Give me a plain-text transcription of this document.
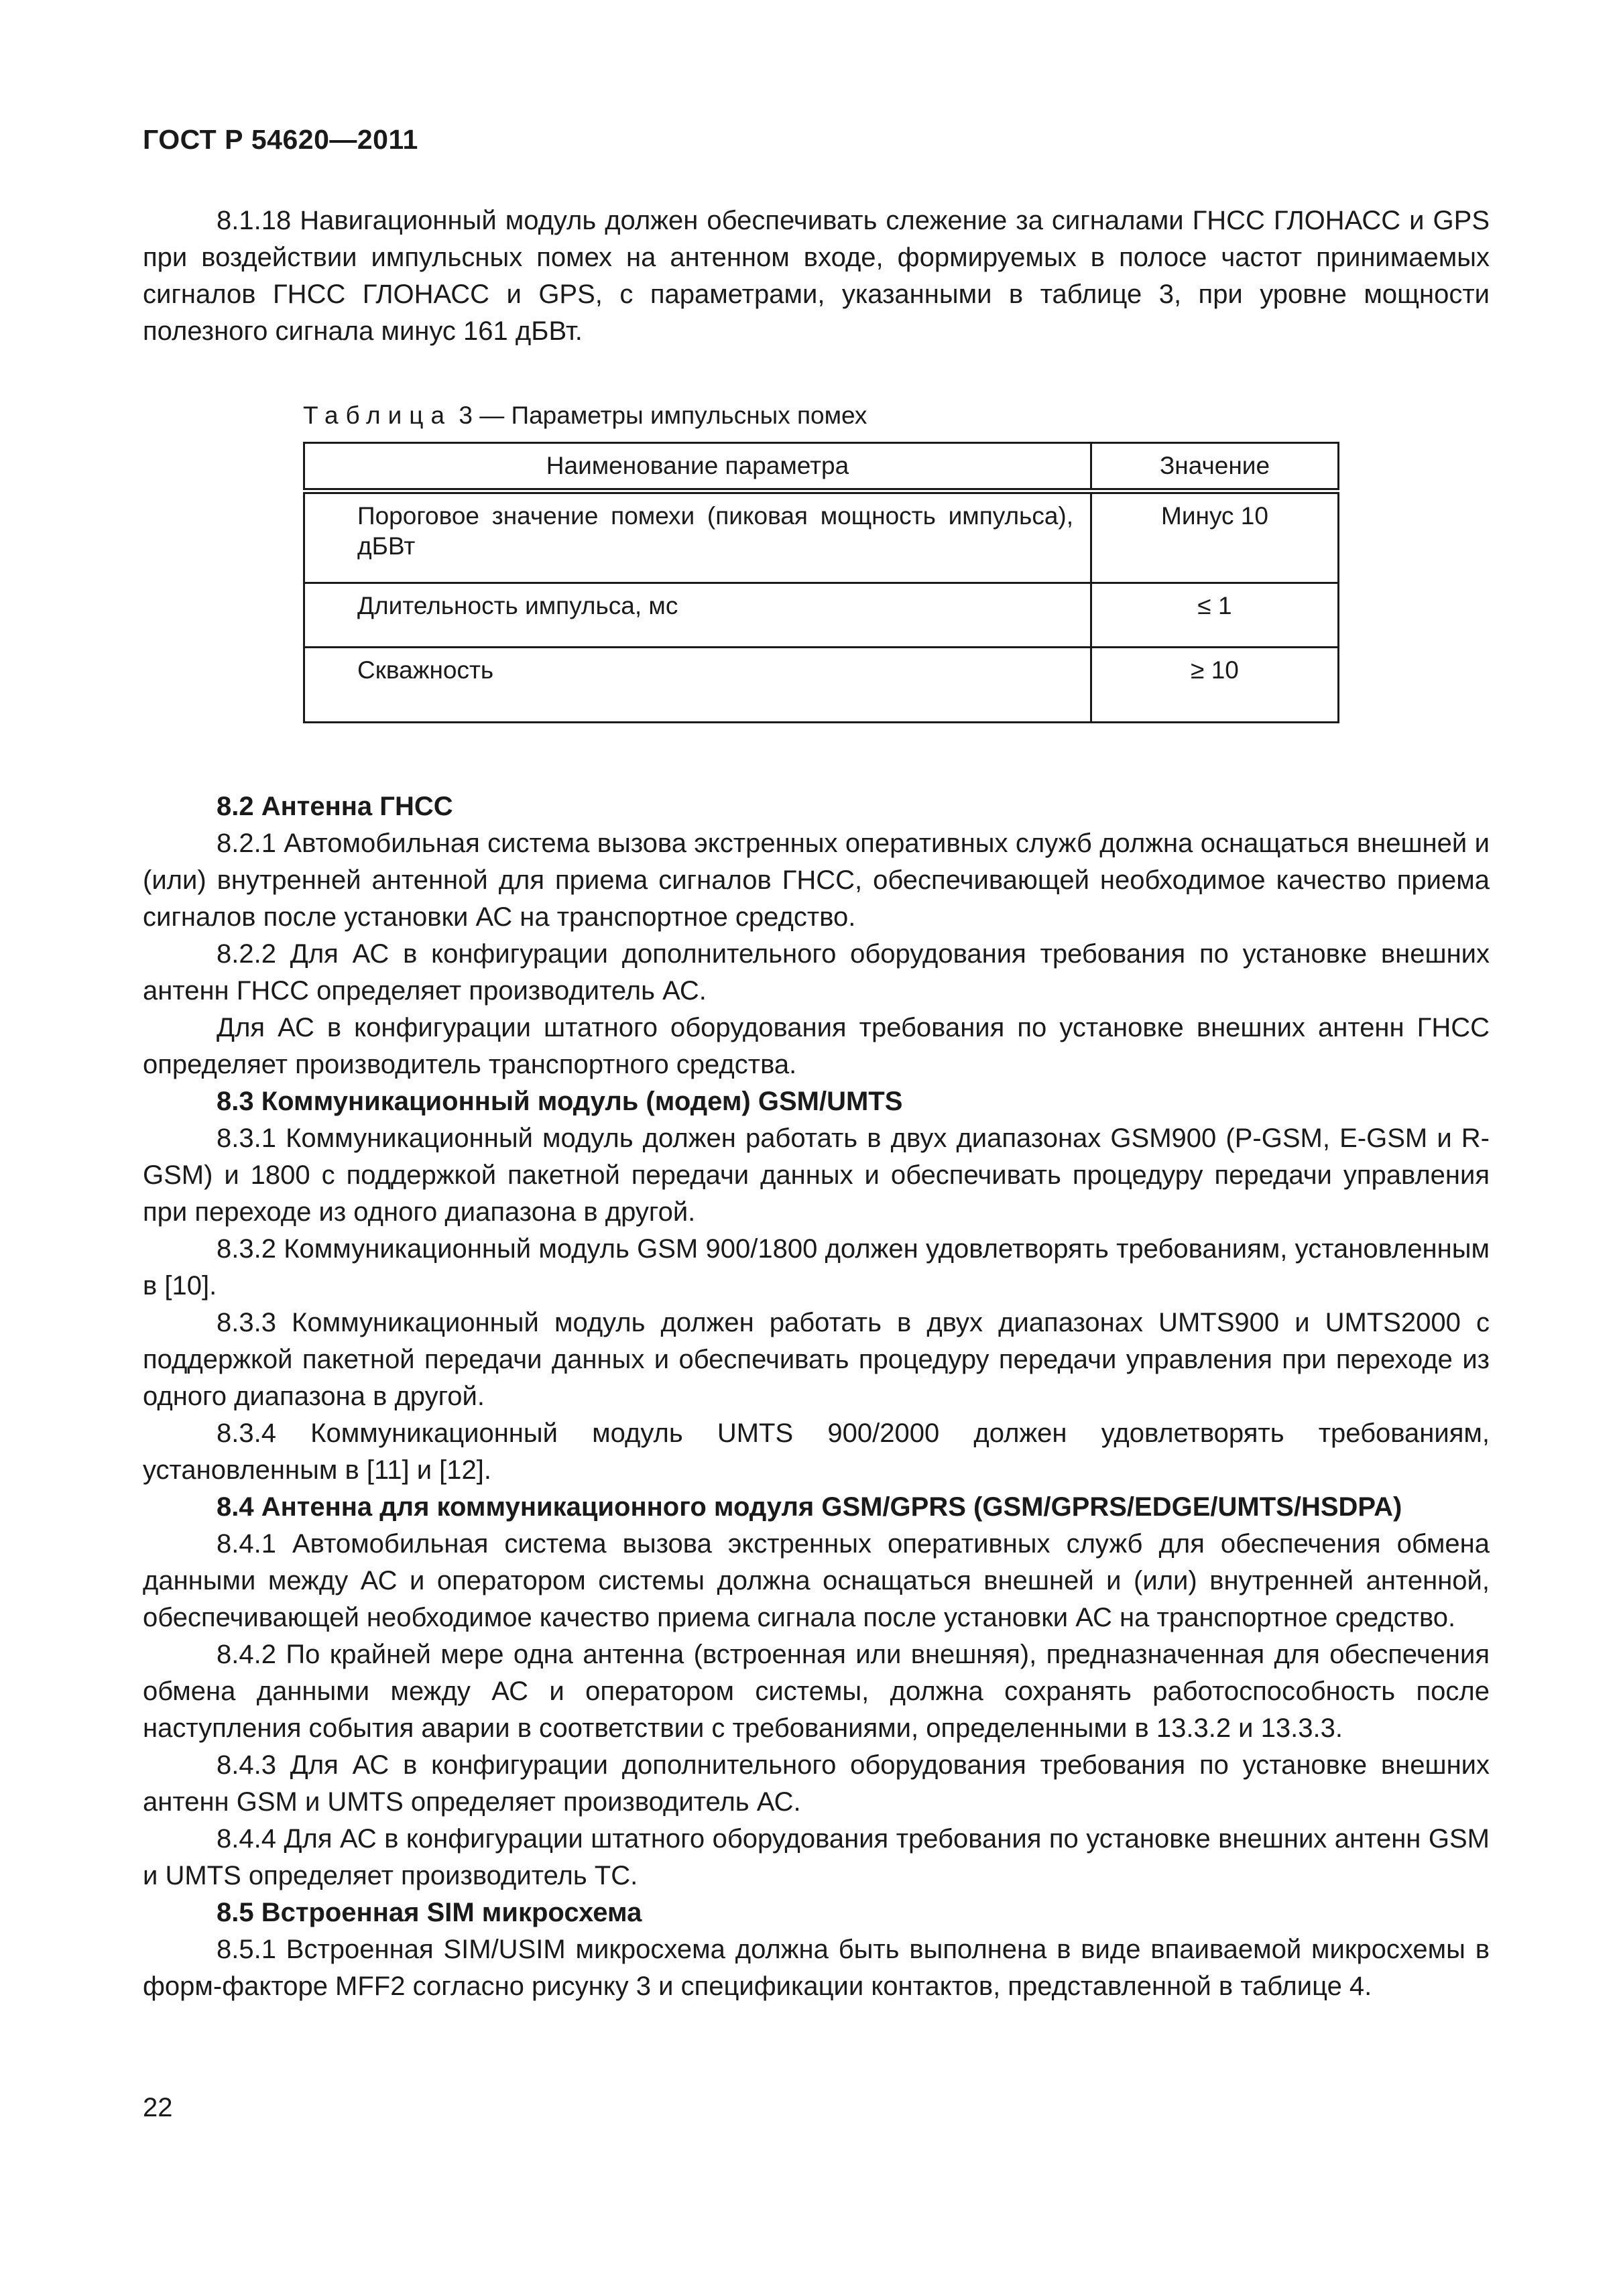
ГОСТ Р 54620—2011

8.1.18 Навигационный модуль должен обеспечивать слежение за сигналами ГНСС ГЛОНАСС и GPS при воздействии импульсных помех на антенном входе, формируемых в полосе частот принимаемых сигналов ГНСС ГЛОНАСС и GPS, с параметрами, указанными в таблице 3, при уровне мощности полезного сигнала минус 161 дБВт.

Таблица 3 — Параметры импульсных помех
Наименование параметра	Значение
Пороговое значение помехи (пиковая мощность импульса), дБВт	Минус 10
Длительность импульса, мс	≤ 1
Скважность	≥ 10

8.2 Антенна ГНСС

8.2.1 Автомобильная система вызова экстренных оперативных служб должна оснащаться внешней и (или) внутренней антенной для приема сигналов ГНСС, обеспечивающей необходимое качество приема сигналов после установки АС на транспортное средство.

8.2.2 Для АС в конфигурации дополнительного оборудования требования по установке внешних антенн ГНСС определяет производитель АС.

Для АС в конфигурации штатного оборудования требования по установке внешних антенн ГНСС определяет производитель транспортного средства.

8.3 Коммуникационный модуль (модем) GSM/UMTS

8.3.1 Коммуникационный модуль должен работать в двух диапазонах GSM900 (P-GSM, E-GSM и R-GSM) и 1800 с поддержкой пакетной передачи данных и обеспечивать процедуру передачи управления при переходе из одного диапазона в другой.

8.3.2 Коммуникационный модуль GSM 900/1800 должен удовлетворять требованиям, установленным в [10].

8.3.3 Коммуникационный модуль должен работать в двух диапазонах UMTS900 и UMTS2000 с поддержкой пакетной передачи данных и обеспечивать процедуру передачи управления при переходе из одного диапазона в другой.

8.3.4 Коммуникационный модуль UMTS 900/2000 должен удовлетворять требованиям, установленным в [11] и [12].

8.4 Антенна для коммуникационного модуля GSM/GPRS (GSM/GPRS/EDGE/UMTS/HSDPA)

8.4.1 Автомобильная система вызова экстренных оперативных служб для обеспечения обмена данными между АС и оператором системы должна оснащаться внешней и (или) внутренней антенной, обеспечивающей необходимое качество приема сигнала после установки АС на транспортное средство.

8.4.2 По крайней мере одна антенна (встроенная или внешняя), предназначенная для обеспечения обмена данными между АС и оператором системы, должна сохранять работоспособность после наступления события аварии в соответствии с требованиями, определенными в 13.3.2 и 13.3.3.

8.4.3 Для АС в конфигурации дополнительного оборудования требования по установке внешних антенн GSM и UMTS определяет производитель АС.

8.4.4 Для АС в конфигурации штатного оборудования требования по установке внешних антенн GSM и UMTS определяет производитель ТС.

8.5 Встроенная SIM микросхема

8.5.1 Встроенная SIM/USIM микросхема должна быть выполнена в виде впаиваемой микросхемы в форм-факторе MFF2 согласно рисунку 3 и спецификации контактов, представленной в таблице 4.

22
